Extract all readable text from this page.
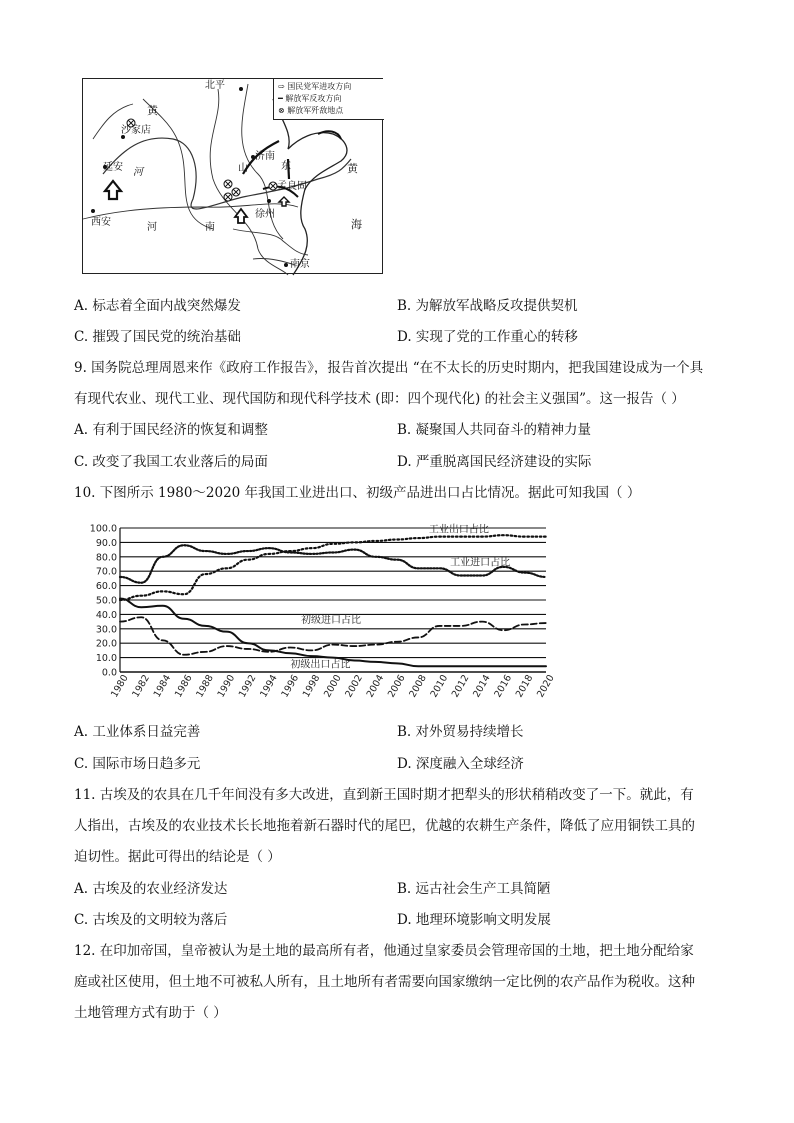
北平
黄
沙家店
延安 河
西安	河	南
济南
山	东
孟良固
徐州
南京
黄
海
⇨ 国民党军进攻方向
━ 解放军反攻方向
⊗ 解放军歼敌地点
A. 标志着全面内战突然爆发	B. 为解放军战略反攻提供契机
C. 摧毁了国民党的统治基础	D. 实现了党的工作重心的转移
9. 国务院总理周恩来作《政府工作报告》，报告首次提出 “在不太长的历史时期内，把我国建设成为一个具
有现代农业、现代工业、现代国防和现代科学技术 (即：四个现代化) 的社会主义强国”。这一报告（ ）
A. 有利于国民经济的恢复和调整	B. 凝聚国人共同奋斗的精神力量
C. 改变了我国工农业落后的局面	D. 严重脱离国民经济建设的实际
10. 下图所示 1980～2020 年我国工业进出口、初级产品进出口占比情况。据此可知我国（ ）
0.0
10.0
20.0
30.0
40.0
50.0
60.0
70.0
80.0
90.0
100.0
1980 1982 1984 1986 1988 1990 1992 1994 1996 1998 2000 2002 2004 2006 2008 2010 2012 2014 2016 2018 2020
工业出口占比
工业进口占比
初级进口占比
初级出口占比
A. 工业体系日益完善	B. 对外贸易持续增长
C. 国际市场日趋多元	D. 深度融入全球经济
11. 古埃及的农具在几千年间没有多大改进，直到新王国时期才把犁头的形状稍稍改变了一下。就此，有
人指出，古埃及的农业技术长长地拖着新石器时代的尾巴，优越的农耕生产条件，降低了应用铜铁工具的
迫切性。据此可得出的结论是（ ）
A. 古埃及的农业经济发达	B. 远古社会生产工具简陋
C. 古埃及的文明较为落后	D. 地理环境影响文明发展
12. 在印加帝国，皇帝被认为是土地的最高所有者，他通过皇家委员会管理帝国的土地，把土地分配给家
庭或社区使用，但土地不可被私人所有，且土地所有者需要向国家缴纳一定比例的农产品作为税收。这种
土地管理方式有助于（ ）
